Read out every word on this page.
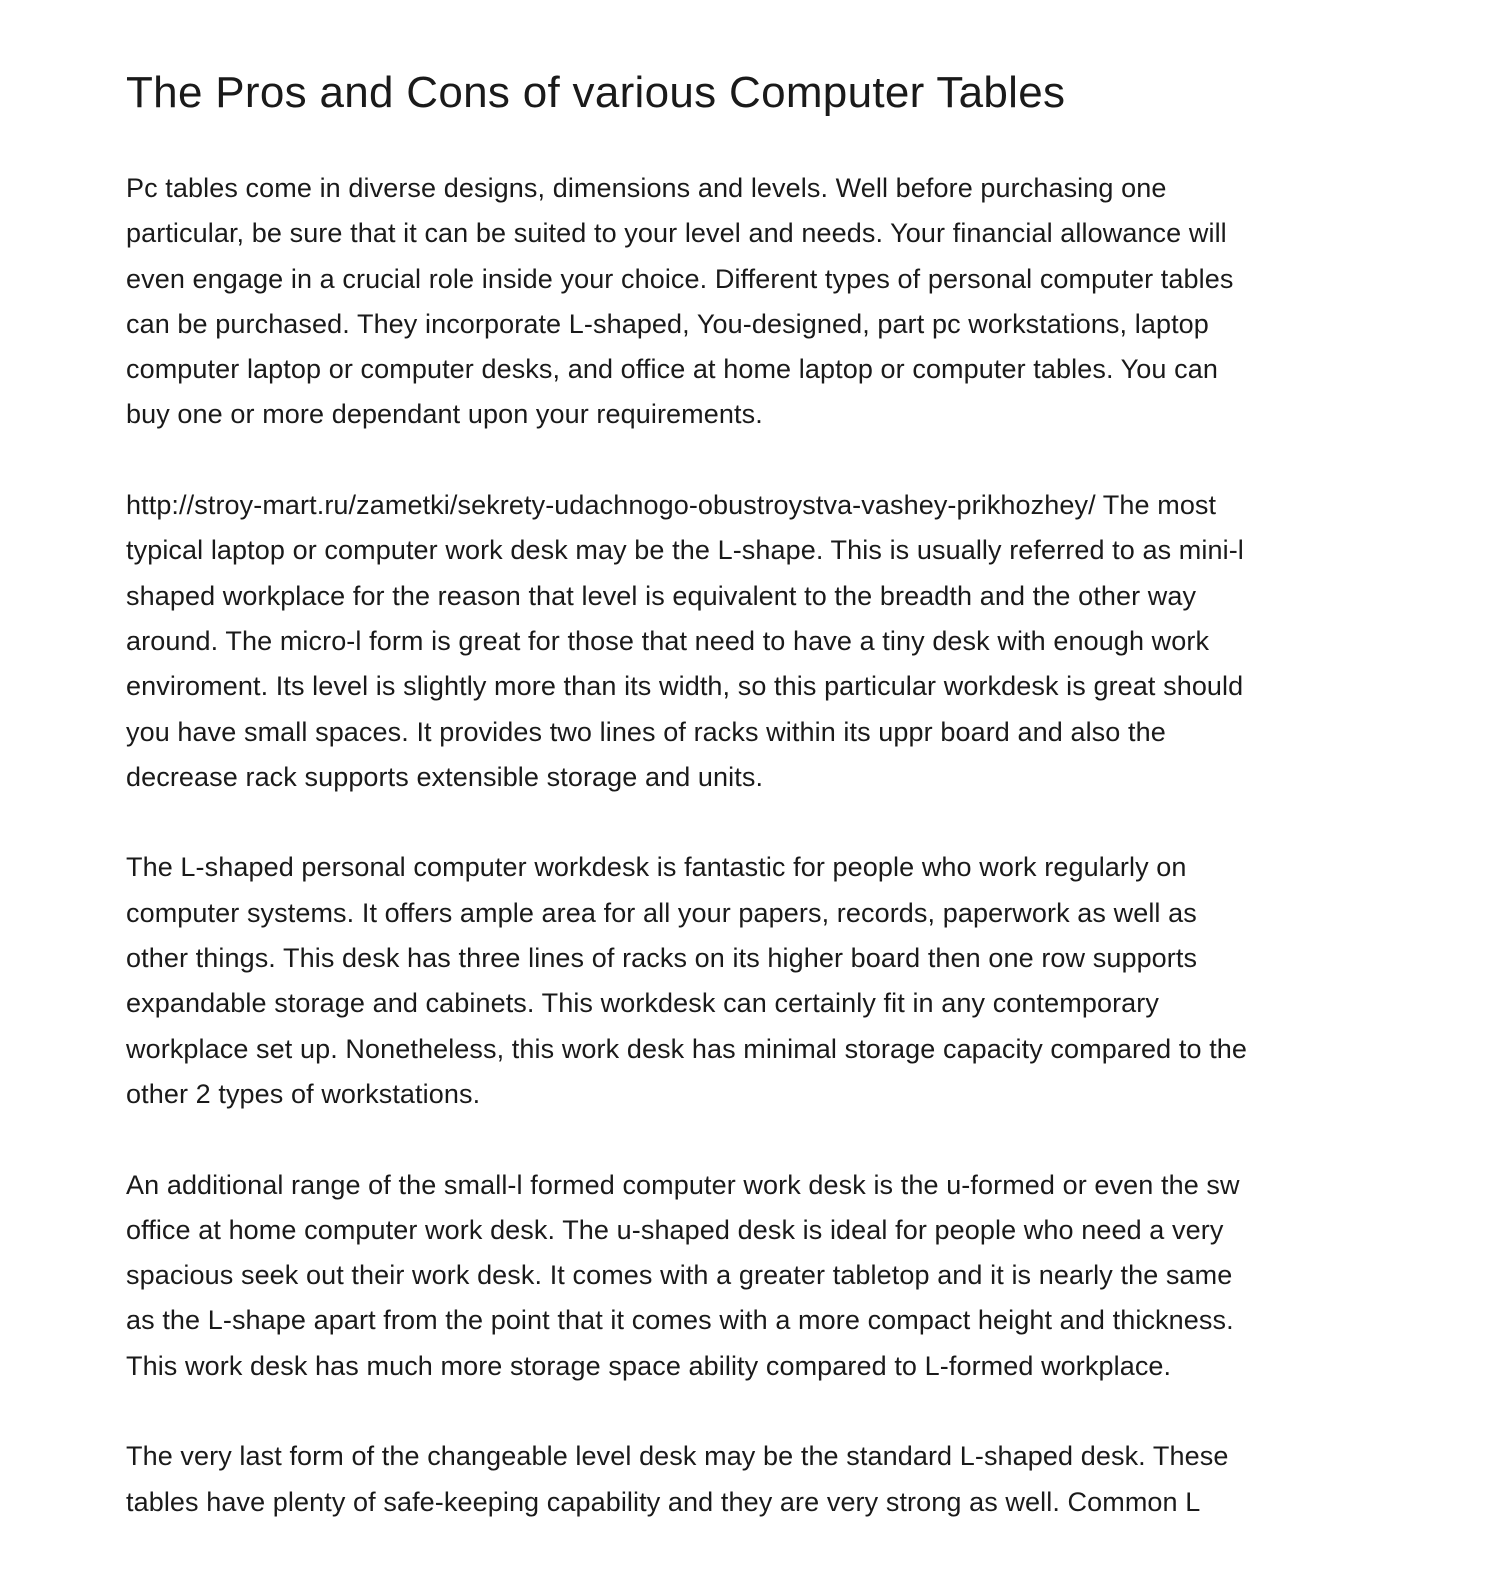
The Pros and Cons of various Computer Tables

Pc tables come in diverse designs, dimensions and levels. Well before purchasing one
particular, be sure that it can be suited to your level and needs. Your financial allowance will
even engage in a crucial role inside your choice. Different types of personal computer tables
can be purchased. They incorporate L-shaped, You-designed, part pc workstations, laptop
computer laptop or computer desks, and office at home laptop or computer tables. You can
buy one or more dependant upon your requirements.

http://stroy-mart.ru/zametki/sekrety-udachnogo-obustroystva-vashey-prikhozhey/ The most
typical laptop or computer work desk may be the L-shape. This is usually referred to as mini-l
shaped workplace for the reason that level is equivalent to the breadth and the other way
around. The micro-l form is great for those that need to have a tiny desk with enough work
enviroment. Its level is slightly more than its width, so this particular workdesk is great should
you have small spaces. It provides two lines of racks within its uppr board and also the
decrease rack supports extensible storage and units.

The L-shaped personal computer workdesk is fantastic for people who work regularly on
computer systems. It offers ample area for all your papers, records, paperwork as well as
other things. This desk has three lines of racks on its higher board then one row supports
expandable storage and cabinets. This workdesk can certainly fit in any contemporary
workplace set up. Nonetheless, this work desk has minimal storage capacity compared to the
other 2 types of workstations.

An additional range of the small-l formed computer work desk is the u-formed or even the sw
office at home computer work desk. The u-shaped desk is ideal for people who need a very
spacious seek out their work desk. It comes with a greater tabletop and it is nearly the same
as the L-shape apart from the point that it comes with a more compact height and thickness.
This work desk has much more storage space ability compared to L-formed workplace.

The very last form of the changeable level desk may be the standard L-shaped desk. These
tables have plenty of safe-keeping capability and they are very strong as well. Common L
